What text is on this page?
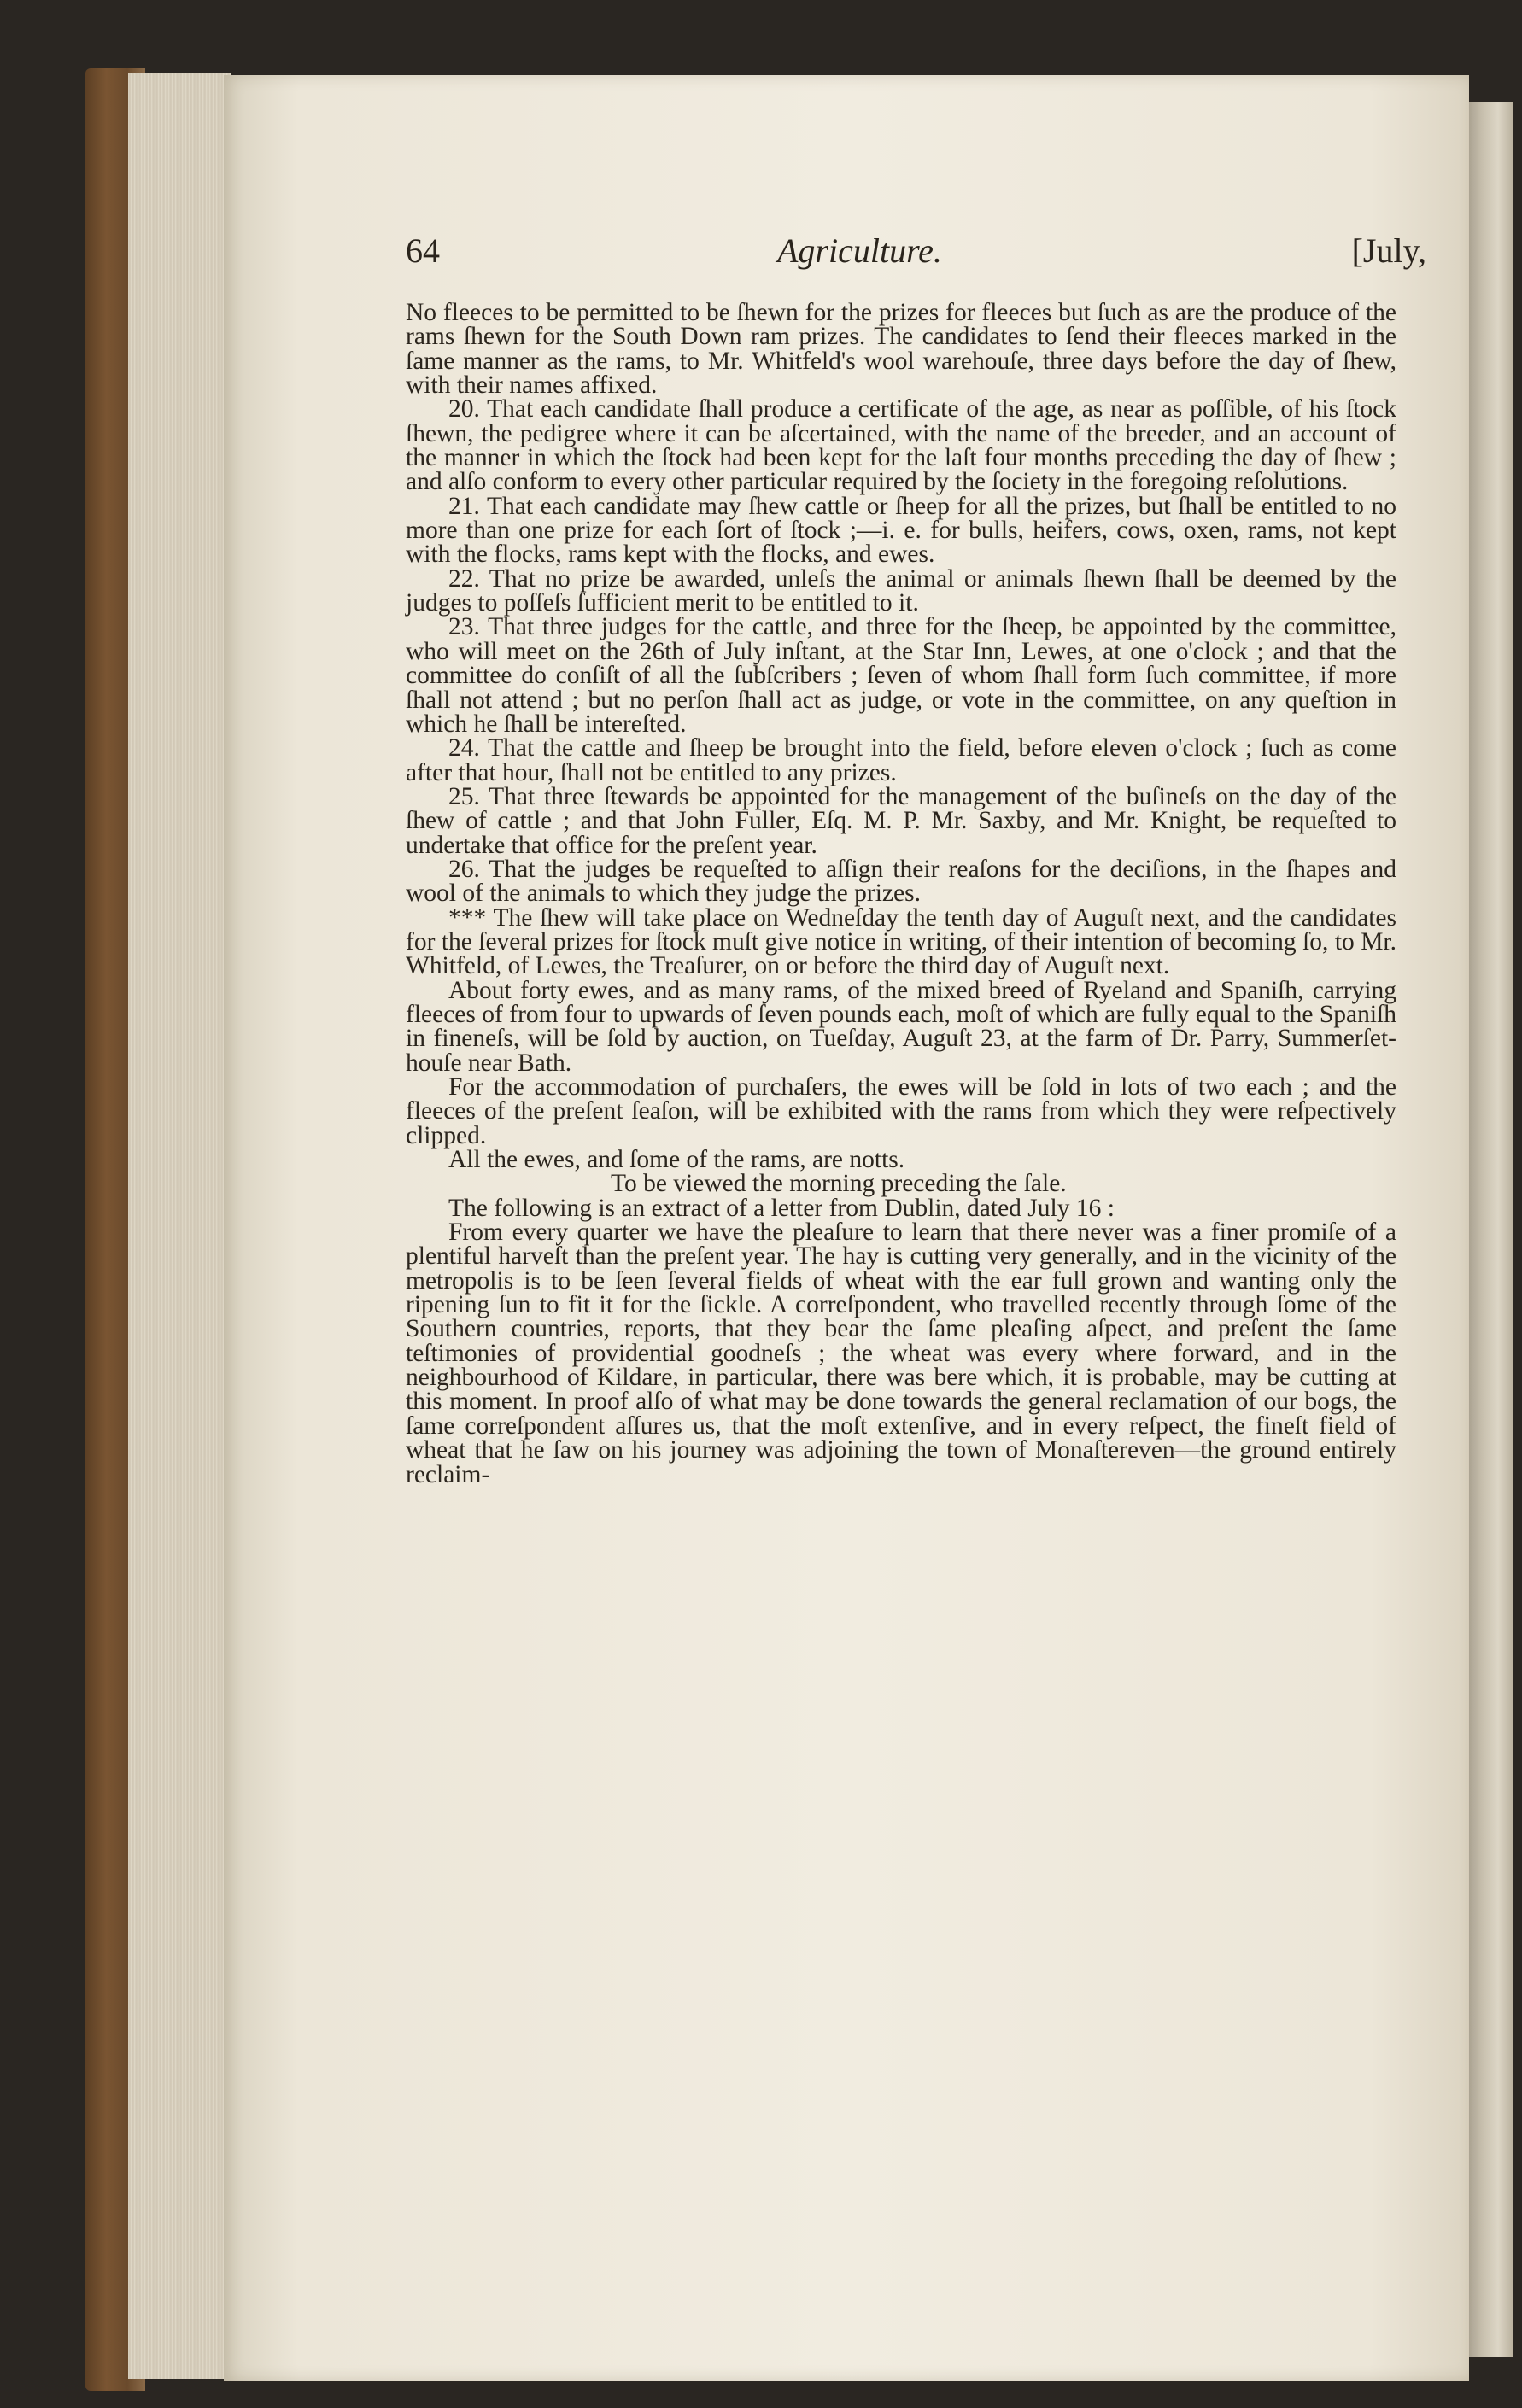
64	Agriculture.	[July,

No fleeces to be permitted to be ſhewn for the prizes for fleeces but ſuch as are the produce of the rams ſhewn for the South Down ram prizes. The candidates to ſend their fleeces marked in the ſame manner as the rams, to Mr. Whitfeld's wool warehouſe, three days before the day of ſhew, with their names affixed.

20. That each candidate ſhall produce a certificate of the age, as near as poſſible, of his ſtock ſhewn, the pedigree where it can be aſcertained, with the name of the breeder, and an account of the manner in which the ſtock had been kept for the laſt four months preceding the day of ſhew ; and alſo conform to every other particular required by the ſociety in the foregoing reſolutions.

21. That each candidate may ſhew cattle or ſheep for all the prizes, but ſhall be entitled to no more than one prize for each ſort of ſtock ;—i. e. for bulls, heifers, cows, oxen, rams, not kept with the flocks, rams kept with the flocks, and ewes.

22. That no prize be awarded, unleſs the animal or animals ſhewn ſhall be deemed by the judges to poſſeſs ſufficient merit to be entitled to it.

23. That three judges for the cattle, and three for the ſheep, be appointed by the committee, who will meet on the 26th of July inſtant, at the Star Inn, Lewes, at one o'clock ; and that the committee do conſiſt of all the ſubſcribers ; ſeven of whom ſhall form ſuch committee, if more ſhall not attend ; but no perſon ſhall act as judge, or vote in the committee, on any queſtion in which he ſhall be intereſted.

24. That the cattle and ſheep be brought into the field, before eleven o'clock ; ſuch as come after that hour, ſhall not be entitled to any prizes.

25. That three ſtewards be appointed for the management of the buſineſs on the day of the ſhew of cattle ; and that John Fuller, Eſq. M. P. Mr. Saxby, and Mr. Knight, be requeſted to undertake that office for the preſent year.

26. That the judges be requeſted to aſſign their reaſons for the deciſions, in the ſhapes and wool of the animals to which they judge the prizes.

*** The ſhew will take place on Wedneſday the tenth day of Auguſt next, and the candidates for the ſeveral prizes for ſtock muſt give notice in writing, of their intention of becoming ſo, to Mr. Whitfeld, of Lewes, the Treaſurer, on or before the third day of Auguſt next.

About forty ewes, and as many rams, of the mixed breed of Ryeland and Spaniſh, carrying fleeces of from four to upwards of ſeven pounds each, moſt of which are fully equal to the Spaniſh in fineneſs, will be ſold by auction, on Tueſday, Auguſt 23, at the farm of Dr. Parry, Summerſet-houſe near Bath.

For the accommodation of purchaſers, the ewes will be ſold in lots of two each ; and the fleeces of the preſent ſeaſon, will be exhibited with the rams from which they were reſpectively clipped.

All the ewes, and ſome of the rams, are notts.

To be viewed the morning preceding the ſale.

The following is an extract of a letter from Dublin, dated July 16 :

From every quarter we have the pleaſure to learn that there never was a finer promiſe of a plentiful harveſt than the preſent year. The hay is cutting very generally, and in the vicinity of the metropolis is to be ſeen ſeveral fields of wheat with the ear full grown and wanting only the ripening ſun to fit it for the ſickle. A correſpondent, who travelled recently through ſome of the Southern countries, reports, that they bear the ſame pleaſing aſpect, and preſent the ſame teſtimonies of providential goodneſs ; the wheat was every where forward, and in the neighbourhood of Kildare, in particular, there was bere which, it is probable, may be cutting at this moment. In proof alſo of what may be done towards the general reclamation of our bogs, the ſame correſpondent aſſures us, that the moſt extenſive, and in every reſpect, the fineſt field of wheat that he ſaw on his journey was adjoining the town of Monaſtereven—the ground entirely reclaim-
